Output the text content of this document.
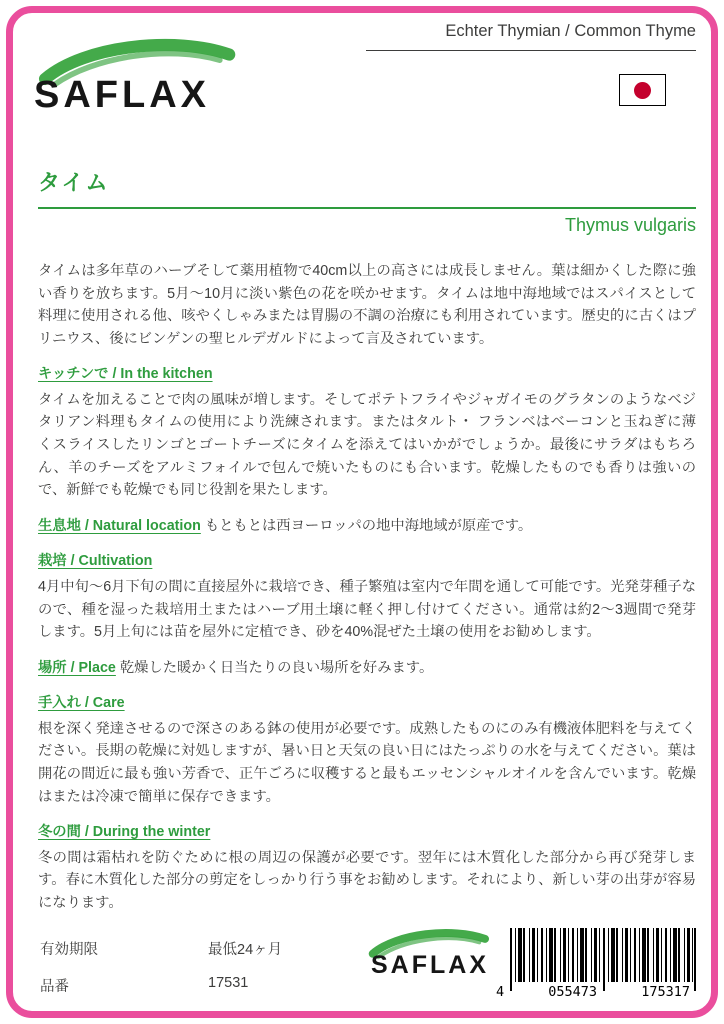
Echter Thymian / Common Thyme
SAFLAX
タイム
Thymus vulgaris
タイムは多年草のハーブそして薬用植物で40cm以上の高さには成長しません。葉は細かくした際に強い香りを放ちます。5月～10月に淡い紫色の花を咲かせます。タイムは地中海地域ではスパイスとして料理に使用される他、咳やくしゃみまたは胃腸の不調の治療にも利用されています。歴史的に古くはプリニウス、後にビンゲンの聖ヒルデガルドによって言及されています。
キッチンで / In the kitchen
タイムを加えることで肉の風味が増します。そしてポテトフライやジャガイモのグラタンのようなベジタリアン料理もタイムの使用により洗練されます。またはタルト・ フランベはベーコンと玉ねぎに薄くスライスしたリンゴとゴートチーズにタイムを添えてはいかがでしょうか。最後にサラダはもちろん、羊のチーズをアルミフォイルで包んで焼いたものにも合います。乾燥したものでも香りは強いので、新鮮でも乾燥でも同じ役割を果たします。
生息地 / Natural location もともとは西ヨーロッパの地中海地域が原産です。
栽培 / Cultivation
4月中旬～6月下旬の間に直接屋外に栽培でき、種子繁殖は室内で年間を通して可能です。光発芽種子なので、種を湿った栽培用土またはハーブ用土壌に軽く押し付けてください。通常は約2～3週間で発芽します。5月上旬には苗を屋外に定植でき、砂を40%混ぜた土壌の使用をお勧めします。
場所 / Place 乾燥した暖かく日当たりの良い場所を好みます。
手入れ / Care
根を深く発達させるので深さのある鉢の使用が必要です。成熟したものにのみ有機液体肥料を与えてください。長期の乾燥に対処しますが、暑い日と天気の良い日にはたっぷりの水を与えてください。葉は開花の間近に最も強い芳香で、正午ごろに収穫すると最もエッセンシャルオイルを含んでいます。乾燥はまたは冷凍で簡単に保存できます。
冬の間 / During the winter
冬の間は霜枯れを防ぐために根の周辺の保護が必要です。翌年には木質化した部分から再び発芽します。春に木質化した部分の剪定をしっかり行う事をお勧めします。それにより、新しい芽の出芽が容易になります。
有効期限	最低24ヶ月
品番	17531
SAFLAX
4	055473	175317
